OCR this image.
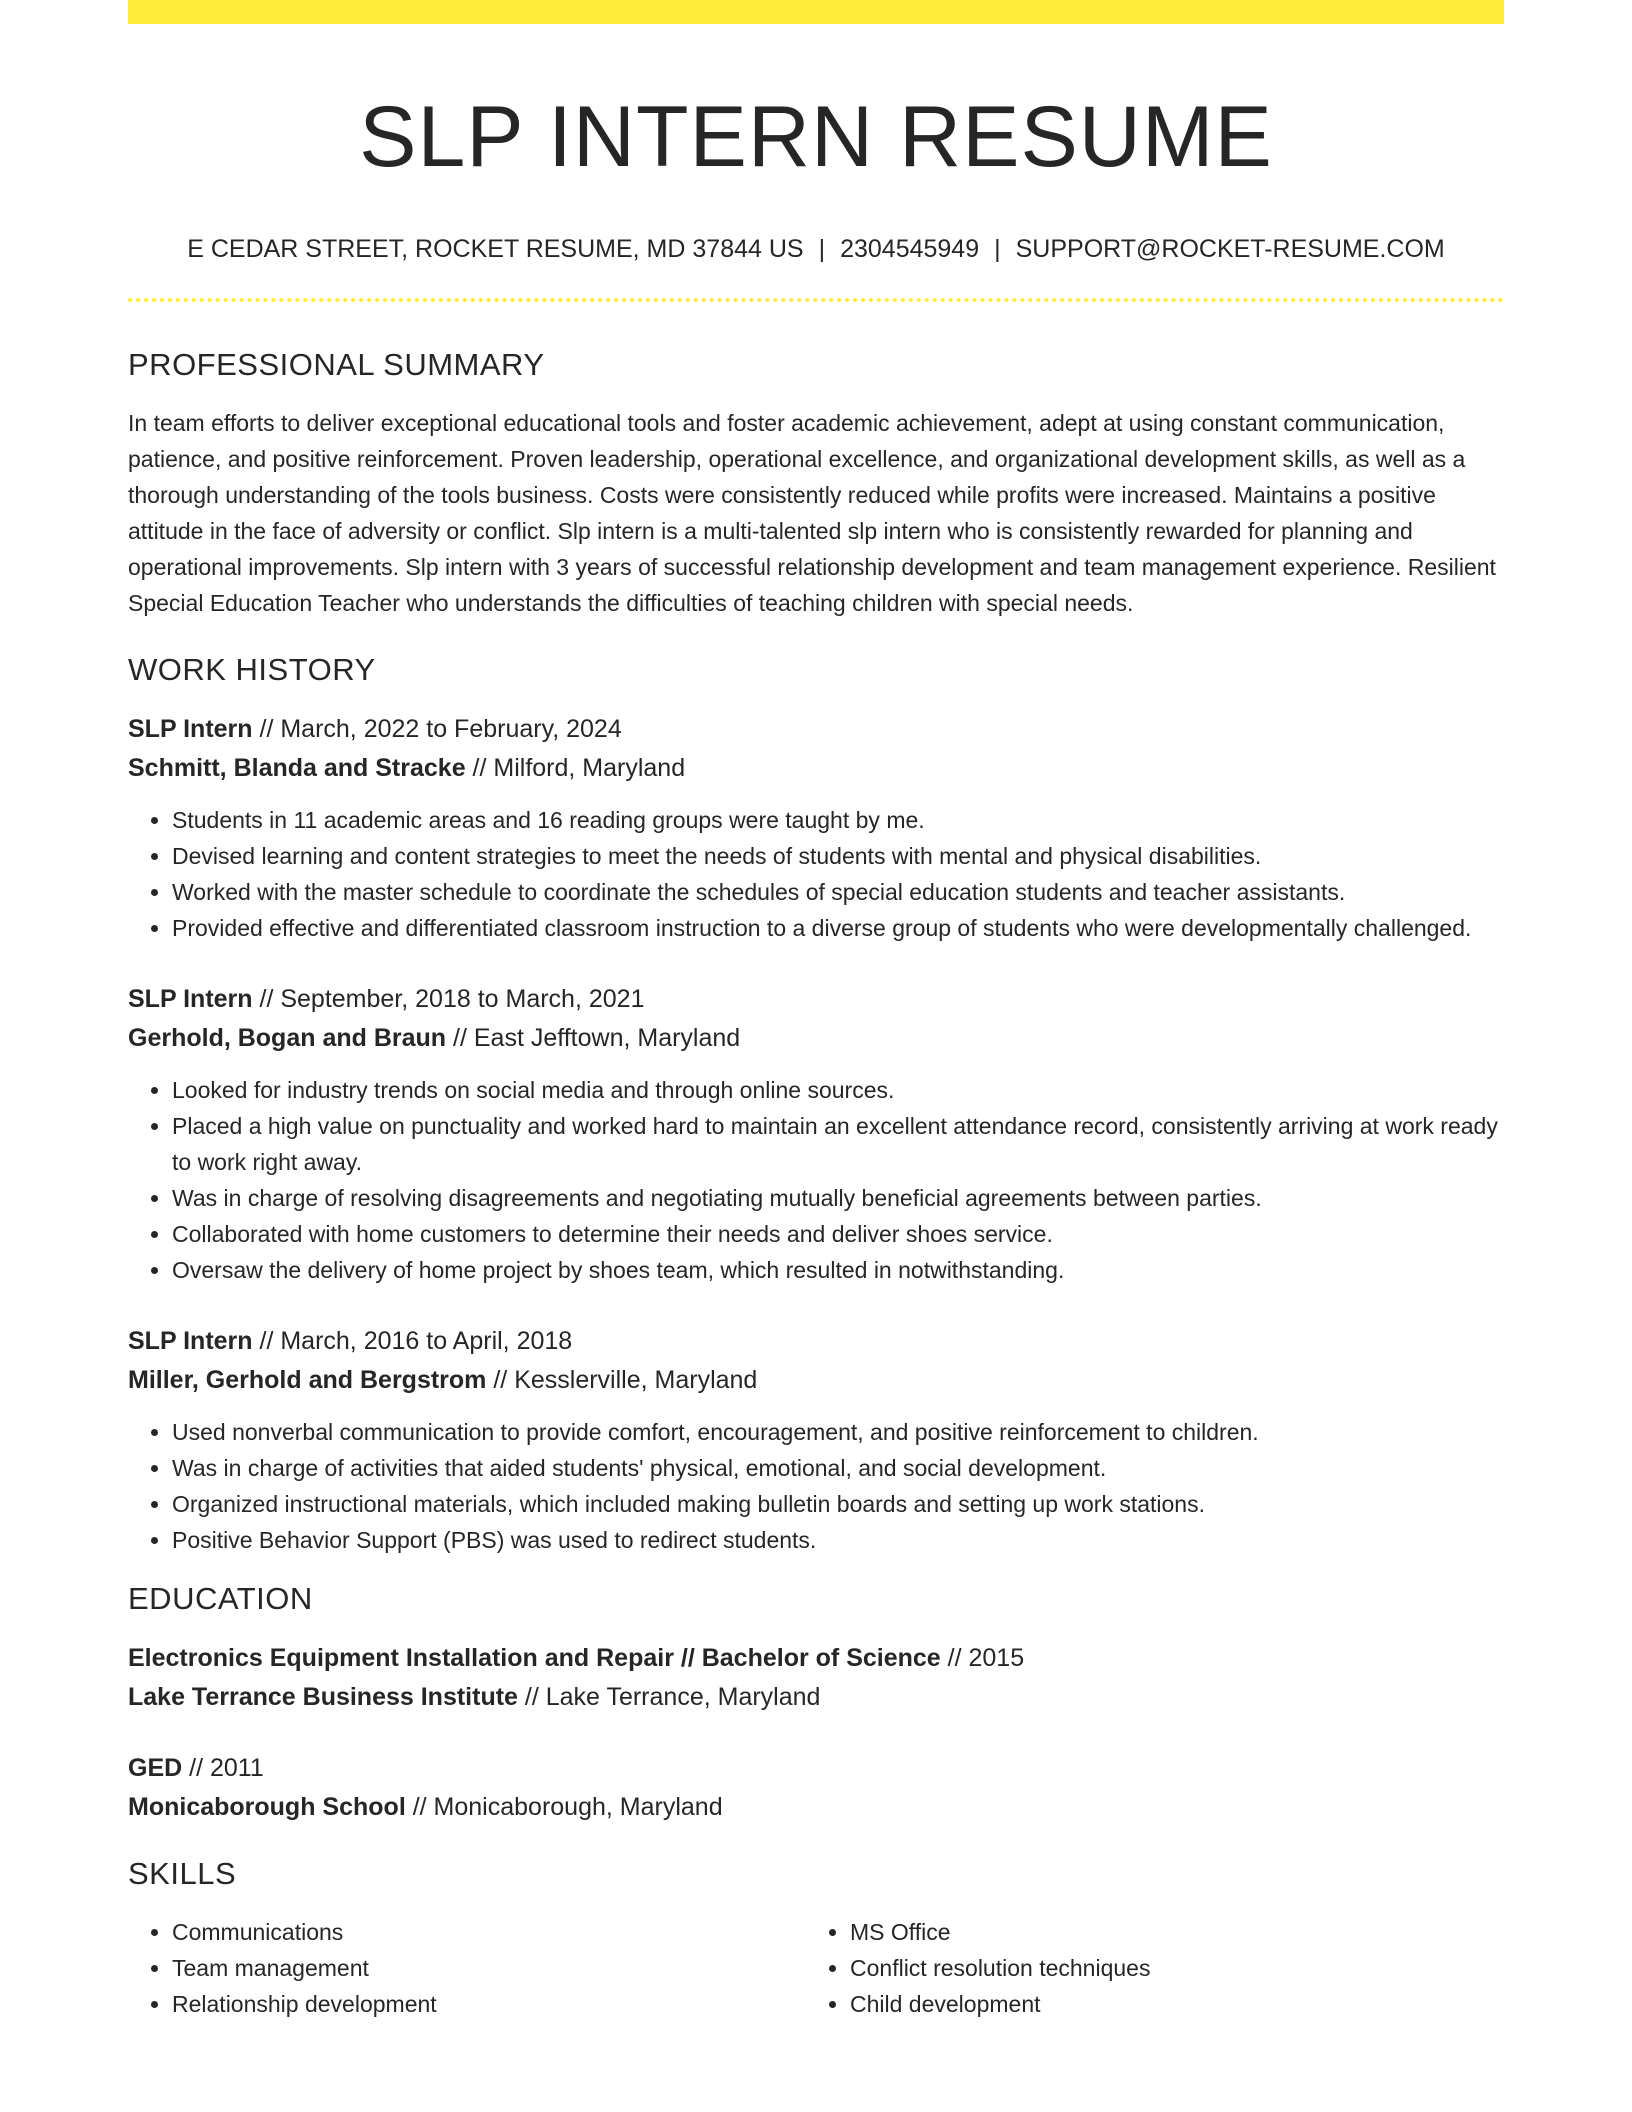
SLP INTERN RESUME
E CEDAR STREET, ROCKET RESUME, MD 37844 US | 2304545949 | SUPPORT@ROCKET-RESUME.COM
PROFESSIONAL SUMMARY

In team efforts to deliver exceptional educational tools and foster academic achievement, adept at using constant communication, patience, and positive reinforcement. Proven leadership, operational excellence, and organizational development skills, as well as a thorough understanding of the tools business. Costs were consistently reduced while profits were increased. Maintains a positive attitude in the face of adversity or conflict. Slp intern is a multi-talented slp intern who is consistently rewarded for planning and operational improvements. Slp intern with 3 years of successful relationship development and team management experience. Resilient Special Education Teacher who understands the difficulties of teaching children with special needs.

WORK HISTORY
SLP Intern // March, 2022 to February, 2024
Schmitt, Blanda and Stracke // Milford, Maryland
• Students in 11 academic areas and 16 reading groups were taught by me.
• Devised learning and content strategies to meet the needs of students with mental and physical disabilities.
• Worked with the master schedule to coordinate the schedules of special education students and teacher assistants.
• Provided effective and differentiated classroom instruction to a diverse group of students who were developmentally challenged.
SLP Intern // September, 2018 to March, 2021
Gerhold, Bogan and Braun // East Jefftown, Maryland
• Looked for industry trends on social media and through online sources.
• Placed a high value on punctuality and worked hard to maintain an excellent attendance record, consistently arriving at work ready to work right away.
• Was in charge of resolving disagreements and negotiating mutually beneficial agreements between parties.
• Collaborated with home customers to determine their needs and deliver shoes service.
• Oversaw the delivery of home project by shoes team, which resulted in notwithstanding.
SLP Intern // March, 2016 to April, 2018
Miller, Gerhold and Bergstrom // Kesslerville, Maryland
• Used nonverbal communication to provide comfort, encouragement, and positive reinforcement to children.
• Was in charge of activities that aided students' physical, emotional, and social development.
• Organized instructional materials, which included making bulletin boards and setting up work stations.
• Positive Behavior Support (PBS) was used to redirect students.
EDUCATION
Electronics Equipment Installation and Repair // Bachelor of Science // 2015
Lake Terrance Business Institute // Lake Terrance, Maryland
GED // 2011
Monicaborough School // Monicaborough, Maryland
SKILLS
• Communications
• Team management
• Relationship development
• MS Office
• Conflict resolution techniques
• Child development
